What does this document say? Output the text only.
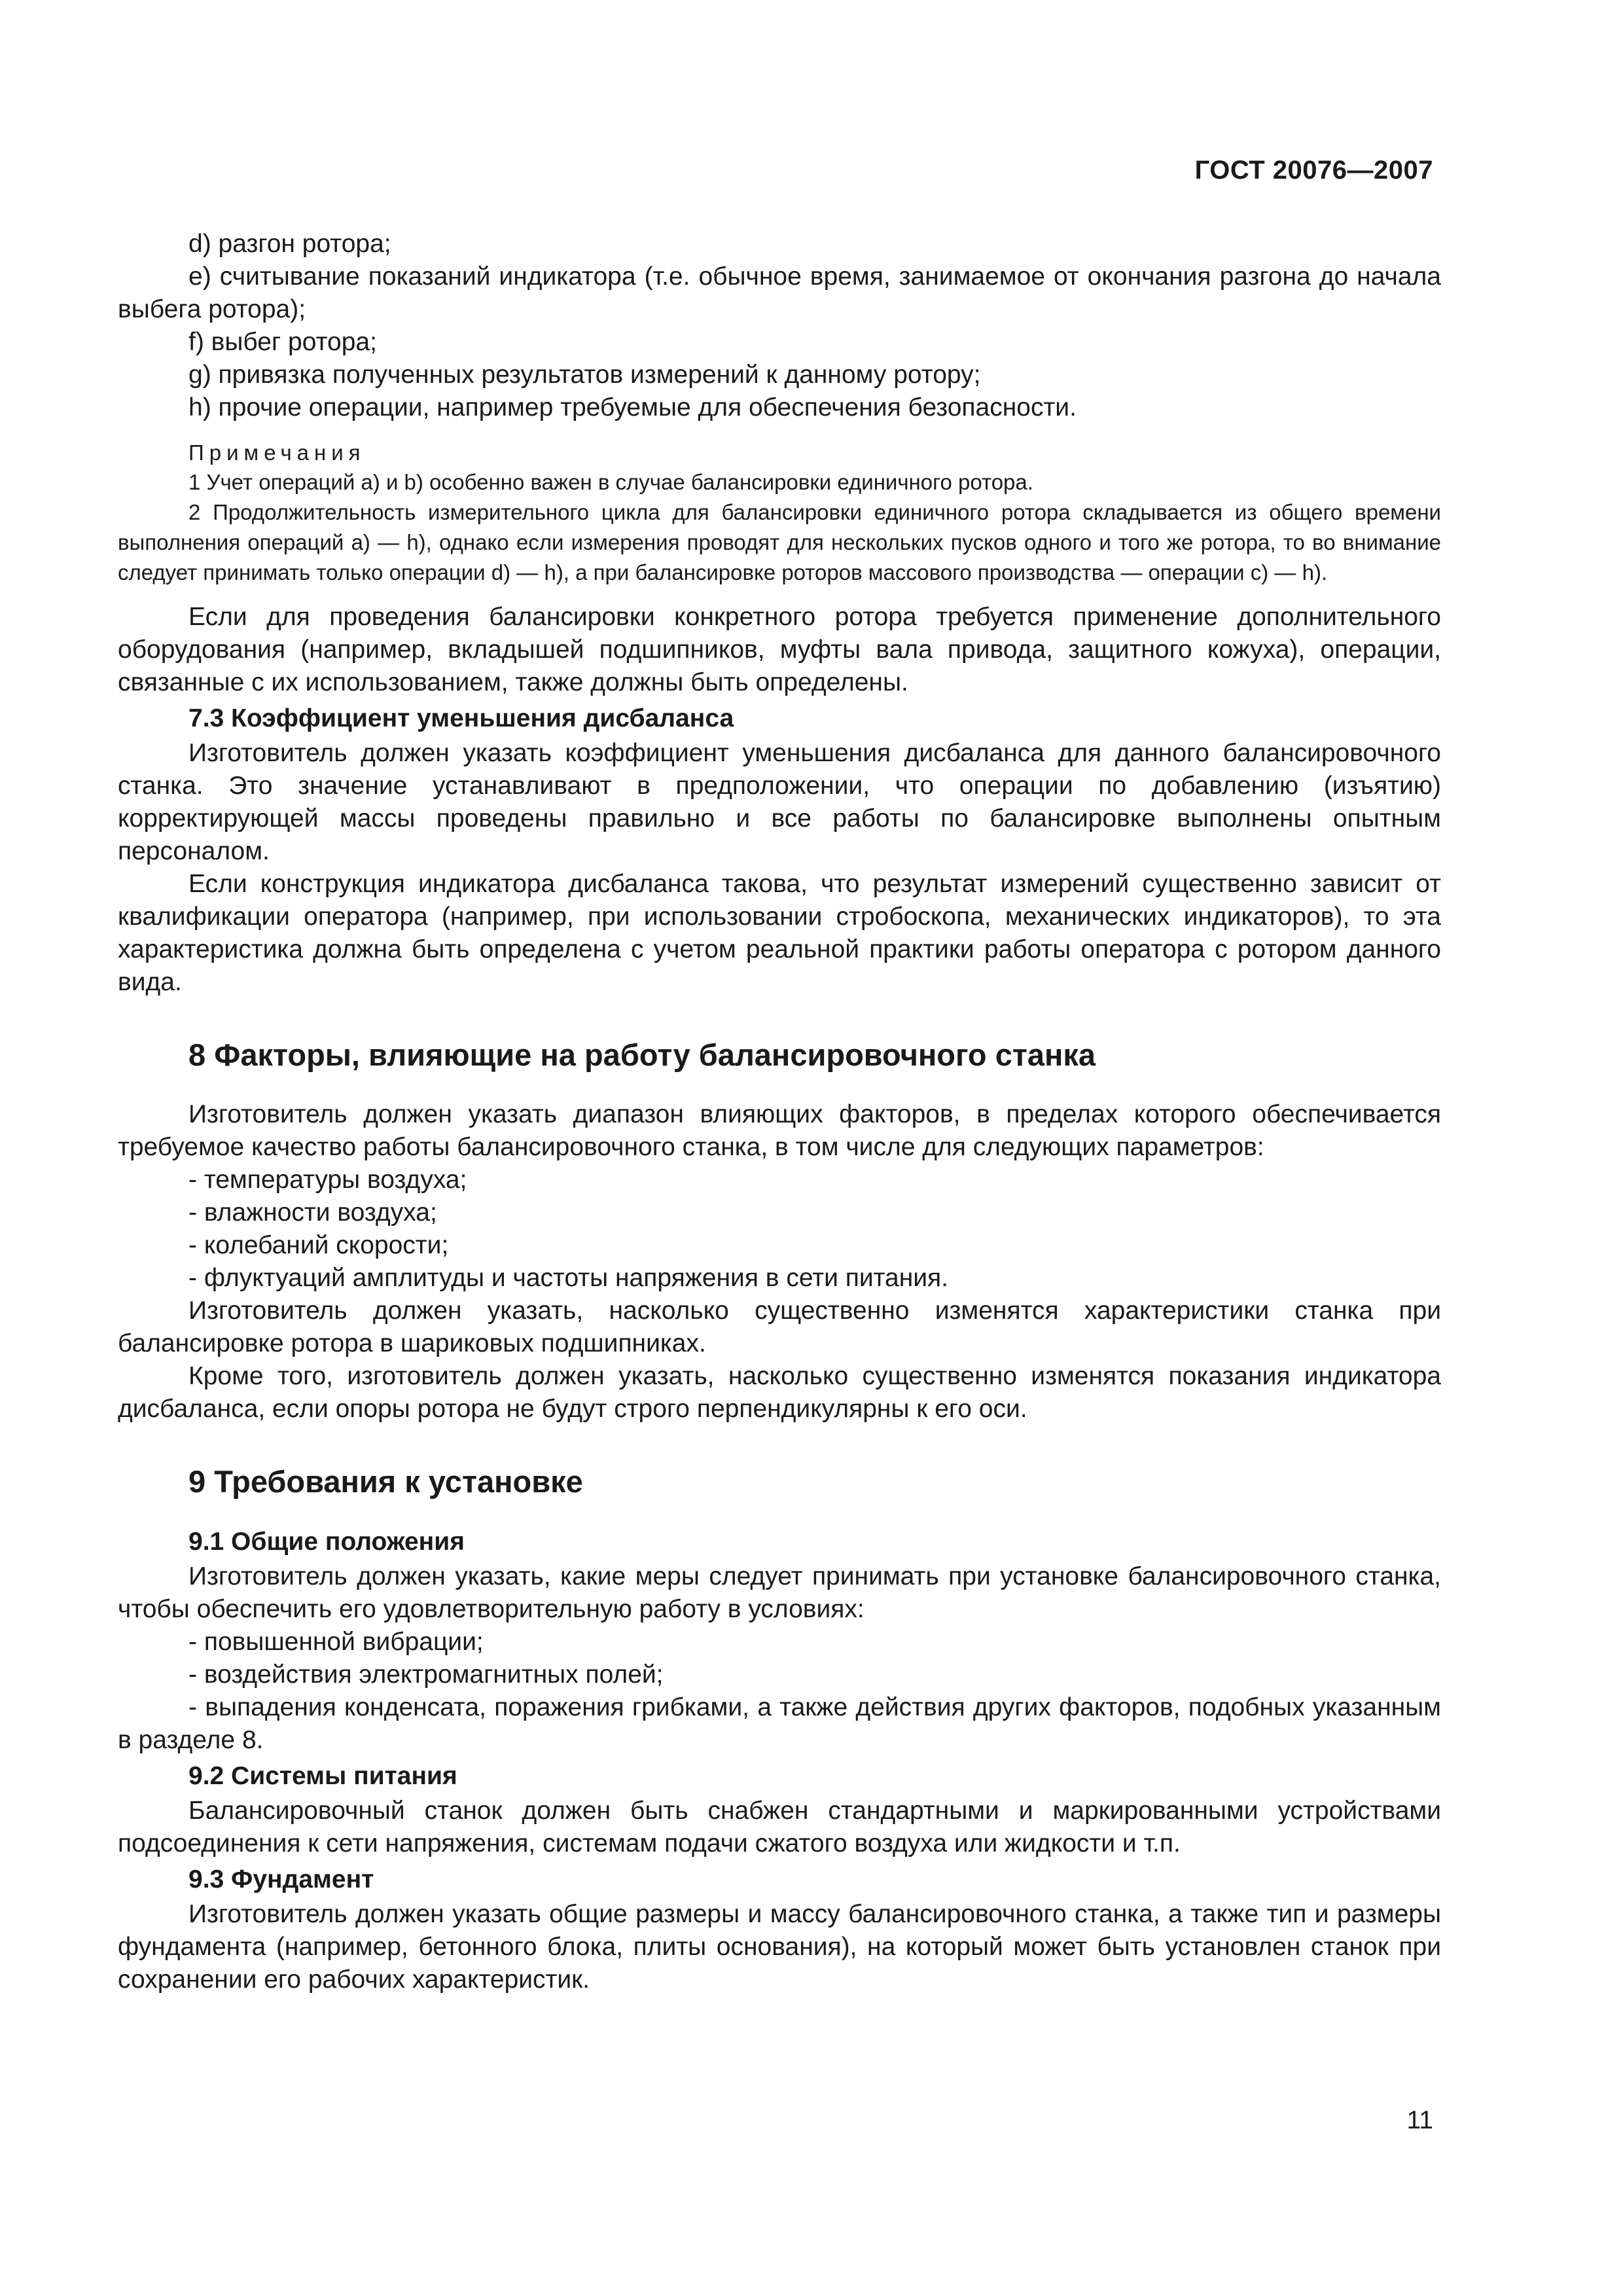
ГОСТ 20076—2007

d) разгон ротора;

e) считывание показаний индикатора (т.е. обычное время, занимаемое от окончания разгона до начала выбега ротора);

f) выбег ротора;

g) привязка полученных результатов измерений к данному ротору;

h) прочие операции, например требуемые для обеспечения безопасности.

Примечания

1 Учет операций a) и b) особенно важен в случае балансировки единичного ротора.

2 Продолжительность измерительного цикла для балансировки единичного ротора складывается из общего времени выполнения операций a) — h), однако если измерения проводят для нескольких пусков одного и того же ротора, то во внимание следует принимать только операции d) — h), а при балансировке роторов массового производства — операции c) — h).

Если для проведения балансировки конкретного ротора требуется применение дополнительного оборудования (например, вкладышей подшипников, муфты вала привода, защитного кожуха), операции, связанные с их использованием, также должны быть определены.

7.3 Коэффициент уменьшения дисбаланса

Изготовитель должен указать коэффициент уменьшения дисбаланса для данного балансировочного станка. Это значение устанавливают в предположении, что операции по добавлению (изъятию) корректирующей массы проведены правильно и все работы по балансировке выполнены опытным персоналом.

Если конструкция индикатора дисбаланса такова, что результат измерений существенно зависит от квалификации оператора (например, при использовании стробоскопа, механических индикаторов), то эта характеристика должна быть определена с учетом реальной практики работы оператора с ротором данного вида.

8 Факторы, влияющие на работу балансировочного станка

Изготовитель должен указать диапазон влияющих факторов, в пределах которого обеспечивается требуемое качество работы балансировочного станка, в том числе для следующих параметров:

- температуры воздуха;

- влажности воздуха;

- колебаний скорости;

- флуктуаций амплитуды и частоты напряжения в сети питания.

Изготовитель должен указать, насколько существенно изменятся характеристики станка при балансировке ротора в шариковых подшипниках.

Кроме того, изготовитель должен указать, насколько существенно изменятся показания индикатора дисбаланса, если опоры ротора не будут строго перпендикулярны к его оси.

9 Требования к установке
9.1 Общие положения

Изготовитель должен указать, какие меры следует принимать при установке балансировочного станка, чтобы обеспечить его удовлетворительную работу в условиях:

- повышенной вибрации;

- воздействия электромагнитных полей;

- выпадения конденсата, поражения грибками, а также действия других факторов, подобных указанным в разделе 8.

9.2 Системы питания

Балансировочный станок должен быть снабжен стандартными и маркированными устройствами подсоединения к сети напряжения, системам подачи сжатого воздуха или жидкости и т.п.

9.3 Фундамент

Изготовитель должен указать общие размеры и массу балансировочного станка, а также тип и размеры фундамента (например, бетонного блока, плиты основания), на который может быть установлен станок при сохранении его рабочих характеристик.

11
